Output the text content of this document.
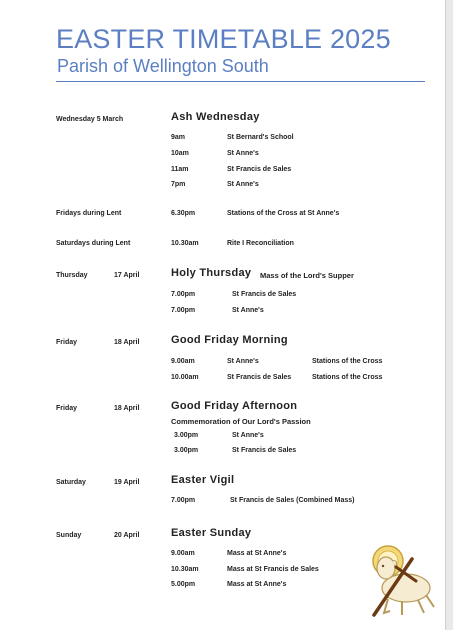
EASTER TIMETABLE 2025
Parish of Wellington South
Wednesday 5 March	Ash Wednesday
9am	St Bernard's School
10am	St Anne's
11am	St Francis de Sales
7pm	St Anne's
Fridays during Lent	6.30pm	Stations of the Cross at St Anne's
Saturdays during Lent	10.30am	Rite I Reconciliation
Thursday	17 April	Holy Thursday Mass of the Lord's Supper
7.00pm	St Francis de Sales
7.00pm	St Anne's
Friday	18 April	Good Friday Morning
9.00am	St Anne's	Stations of the Cross
10.00am	St Francis de Sales	Stations of the Cross
Friday	18 April	Good Friday Afternoon
Commemoration of Our Lord's Passion
3.00pm	St Anne's
3.00pm	St Francis de Sales
Saturday	19 April	Easter Vigil
7.00pm	St Francis de Sales (Combined Mass)
Sunday	20 April	Easter Sunday
9.00am	Mass at St Anne's
10.30am	Mass at St Francis de Sales
5.00pm	Mass at St Anne's
